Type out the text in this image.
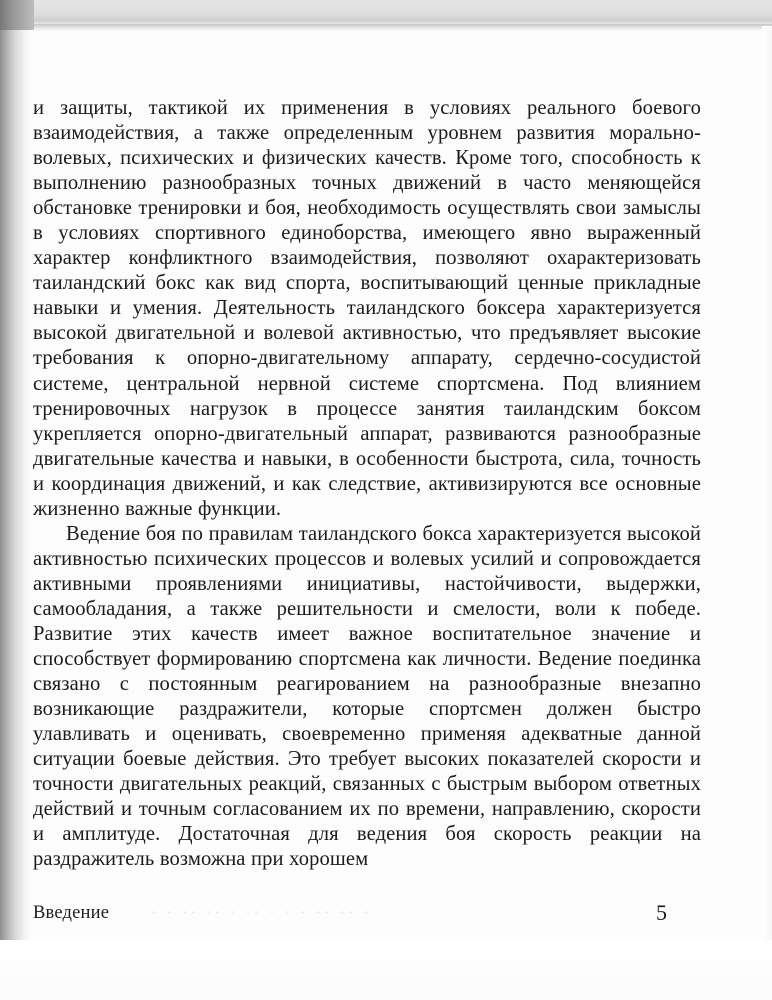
и защиты, тактикой их применения в условиях реального боевого взаимодействия, а также определенным уровнем развития морально-волевых, психических и физических качеств. Кроме того, способность к выполнению разнообразных точных движений в часто меняющейся обстановке тренировки и боя, необходимость осуществлять свои замыслы в условиях спортивного единоборства, имеющего явно выраженный характер конфликтного взаимодействия, позволяют охарактеризовать таиландский бокс как вид спорта, воспитывающий ценные прикладные навыки и умения. Деятельность таиландского боксера характеризуется высокой двигательной и волевой активностью, что предъявляет высокие требования к опорно-двигательному аппарату, сердечно-сосудистой системе, центральной нервной системе спортсмена. Под влиянием тренировочных нагрузок в процессе занятия таиландским боксом укрепляется опорно-двигательный аппарат, развиваются разнообразные двигательные качества и навыки, в особенности быстрота, сила, точность и координация движений, и как следствие, активизируются все основные жизненно важные функции.

Ведение боя по правилам таиландского бокса характеризуется высокой активностью психических процессов и волевых усилий и сопровождается активными проявлениями инициативы, настойчивости, выдержки, самообладания, а также решительности и смелости, воли к победе. Развитие этих качеств имеет важное воспитательное значение и способствует формированию спортсмена как личности. Ведение поединка связано с постоянным реагированием на разнообразные внезапно возникающие раздражители, которые спортсмен должен быстро улавливать и оценивать, своевременно применяя адекватные данной ситуации боевые действия. Это требует высоких показателей скорости и точности двигательных реакций, связанных с быстрым выбором ответных действий и точным согласованием их по времени, направлению, скорости и амплитуде. Достаточная для ведения боя скорость реакции на раздражитель возможна при хорошем

· · ·· ·· · ·· · · · ·· ·· ·
Введение	5
